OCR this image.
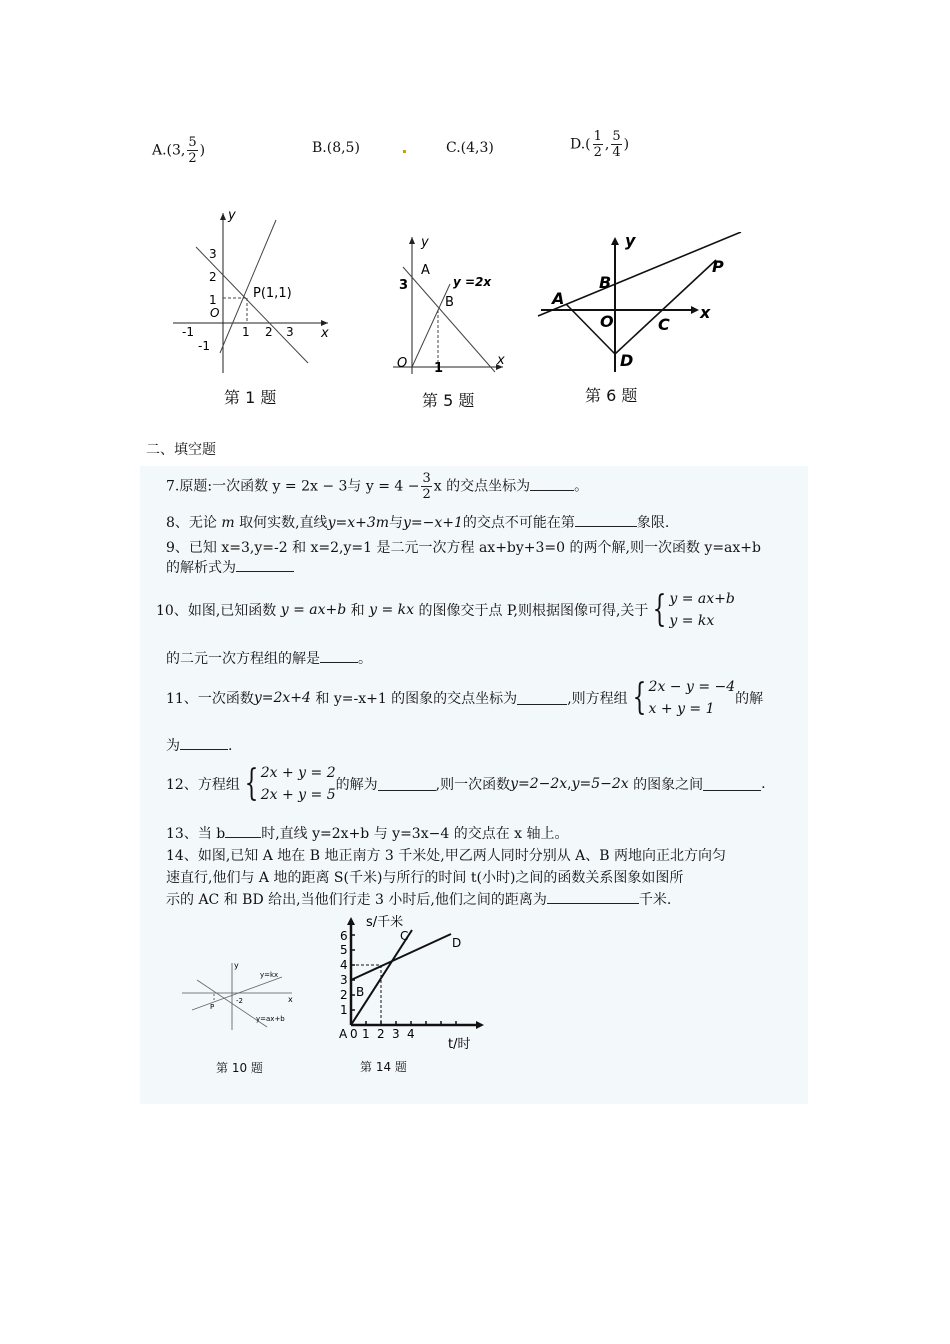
A.(3, $\frac{5}{2}$ )	B.(8,5)	C.(4,3)	$D.( \frac{1}{2}$ , $\frac{5}{4}$ )
y
x
O
P(1,1)
-1	1 2 3
3
2
1
-1
第 1 题
y
x
O
A
B
y =2x
3
1
第 5 题
y
x
O
A
B
C
D
P
第 6 题
二、填空题
7.原题:一次函数 y = 2x − 3与 $y = 4 - \frac{3}{2}$ x 的交点坐标为	。
8、无论 m 取何实数,直线y=x+3m与y=−x+1的交点不可能在第	象限.
9、已知 x=3,y=-2 和 x=2,y=1 是二元一次方程 ax+by+3=0 的两个解,则一次函数 y=ax+b
的解析式为
10、如图,已知函数
y = ax+b
和
y = kx
的图像交于点 P,则根据图像可得,关于 { y = ax+b
y = kx
的二元一次方程组的解是	。
11、一次函数 y=2x+4
和 y=-x+1 的图象的交点坐标为	,则方程组 { 2x − y = −4
x + y = 1
的解
为	.
12、方程组 { 2x + y = 2
2x + y = 5
的解为	,则一次函数 y=2−2x , y=5−2x
的图象之间	.
13、当 b	时,直线 y=2x+b 与 y=3x−4 的交点在 x 轴上。
14、如图,已知 A 地在 B 地正南方 3 千米处,甲乙两人同时分别从 A、B 两地向正北方向匀
速直行,他们与 A 地的距离 S(千米)与所行的时间 t(小时)之间的函数关系图象如图所
示的 AC 和 BD 给出,当他们行走 3 小时后,他们之间的距离为	千米.
y
x
y=kx
y=ax+b
P
-2
第 10 题
s/千米
t/时
6
5
4
3
2
1
0 1 2 3 4
A
B
C	D
第 14 题
